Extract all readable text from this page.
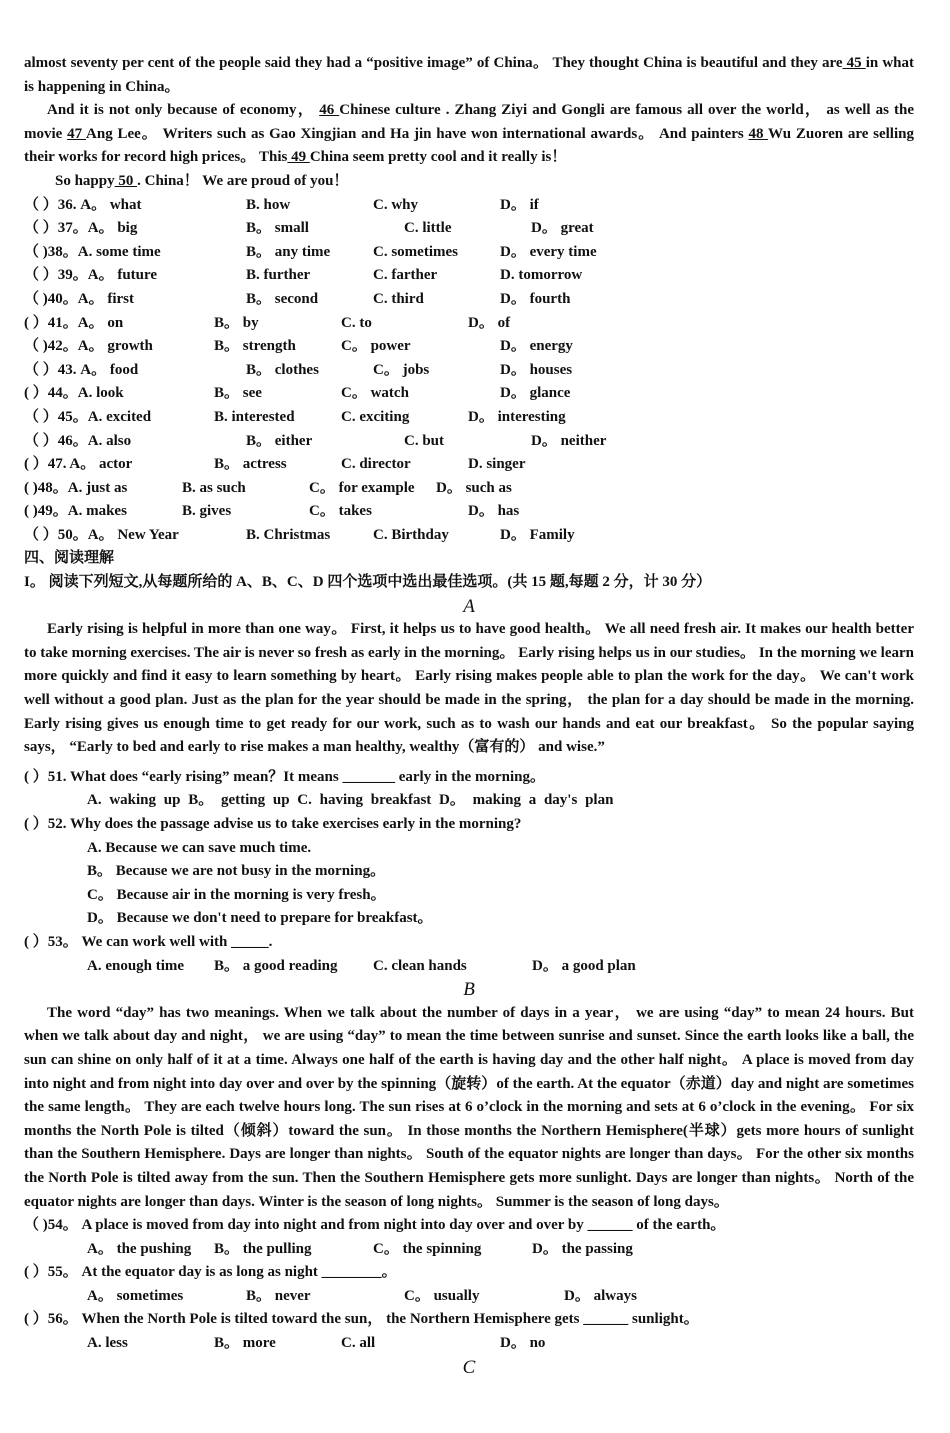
almost seventy per cent of the people said they had a “positive image” of China。 They thought China is beautiful and they are 45 in what is happening in China。

And it is not only because of economy， 46 Chinese culture . Zhang Ziyi and Gongli are famous all over the world， as well as the movie 47 Ang Lee。 Writers such as Gao Xingjian and Ha jin have won international awards。 And painters 48 Wu Zuoren are selling their works for record high prices。 This 49 China seem pretty cool and it really is！

So happy 50 . China！ We are proud of you！

（ ）36. A。 what	B. how	C. why	D。 if
（ ）37。A。 big	B。 small	C. little	D。 great
（ )38。A. some time	B。 any time	C. sometimes	D。 every time
（ ）39。A。 future	B. further	C. farther	D. tomorrow
（ )40。A。 first	B。 second	C. third	D。 fourth
( ）41。A。 on	B。 by	C. to	D。 of
（ )42。A。 growth	B。 strength	C。 power	D。 energy
（ ）43. A。 food	B。 clothes	C。 jobs	D。 houses
( ）44。A. look	B。 see	C。 watch	D。 glance
（ ）45。A. excited	B. interested	C. exciting	D。 interesting
（ ）46。A. also	B。 either	C. but	D。 neither
( ）47. A。 actor	B。 actress	C. director	D. singer
( )48。A. just as	B. as such	C。 for example D。 such as
( )49。A. makes	B. gives	C。 takes	D。 has
（ ）50。A。 New Year	B. Christmas	C. Birthday	D。 Family
四、阅读理解
I。 阅读下列短文,从每题所给的 A、B、C、D 四个选项中选出最佳选项。(共 15 题,每题 2 分，计 30 分）
A

Early rising is helpful in more than one way。 First, it helps us to have good health。 We all need fresh air. It makes our health better to take morning exercises. The air is never so fresh as early in the morning。 Early rising helps us in our studies。 In the morning we learn more quickly and find it easy to learn something by heart。 Early rising makes people able to plan the work for the day。 We can't work well without a good plan. Just as the plan for the year should be made in the spring， the plan for a day should be made in the morning. Early rising gives us enough time to get ready for our work, such as to wash our hands and eat our breakfast。 So the popular saying says， “Early to bed and early to rise makes a man healthy, wealthy（富有的） and wise.”

( ）51. What does “early rising” mean？It means _______ early in the morning。
A. waking up B。 getting up C. having breakfast D。 making a day's plan
( ）52. Why does the passage advise us to take exercises early in the morning?
A. Because we can save much time.
B。 Because we are not busy in the morning。
C。 Because air in the morning is very fresh。
D。 Because we don't need to prepare for breakfast。
( ）53。 We can work well with _____.
A. enough time B。 a good reading C. clean hands	D。 a good plan
B

The word “day” has two meanings. When we talk about the number of days in a year， we are using “day” to mean 24 hours. But when we talk about day and night， we are using “day” to mean the time between sunrise and sunset. Since the earth looks like a ball, the sun can shine on only half of it at a time. Always one half of the earth is having day and the other half night。 A place is moved from day into night and from night into day over and over by the spinning（旋转）of the earth. At the equator（赤道）day and night are sometimes the same length。 They are each twelve hours long. The sun rises at 6 o’clock in the morning and sets at 6 o’clock in the evening。 For six months the North Pole is tilted（倾斜）toward the sun。 In those months the Northern Hemisphere(半球）gets more hours of sunlight than the Southern Hemisphere. Days are longer than nights。 South of the equator nights are longer than days。 For the other six months the North Pole is tilted away from the sun. Then the Southern Hemisphere gets more sunlight. Days are longer than nights。 North of the equator nights are longer than days. Winter is the season of long nights。 Summer is the season of long days。

（ )54。 A place is moved from day into night and from night into day over and over by ______ of the earth。
A。 the pushing B。 the pulling	C。 the spinning	D。 the passing
( ）55。 At the equator day is as long as night ________。
A。 sometimes	B。 never	C。 usually	D。 always
( ）56。 When the North Pole is tilted toward the sun， the Northern Hemisphere gets ______ sunlight。
A. less	B。 more	C. all	D。 no
C
